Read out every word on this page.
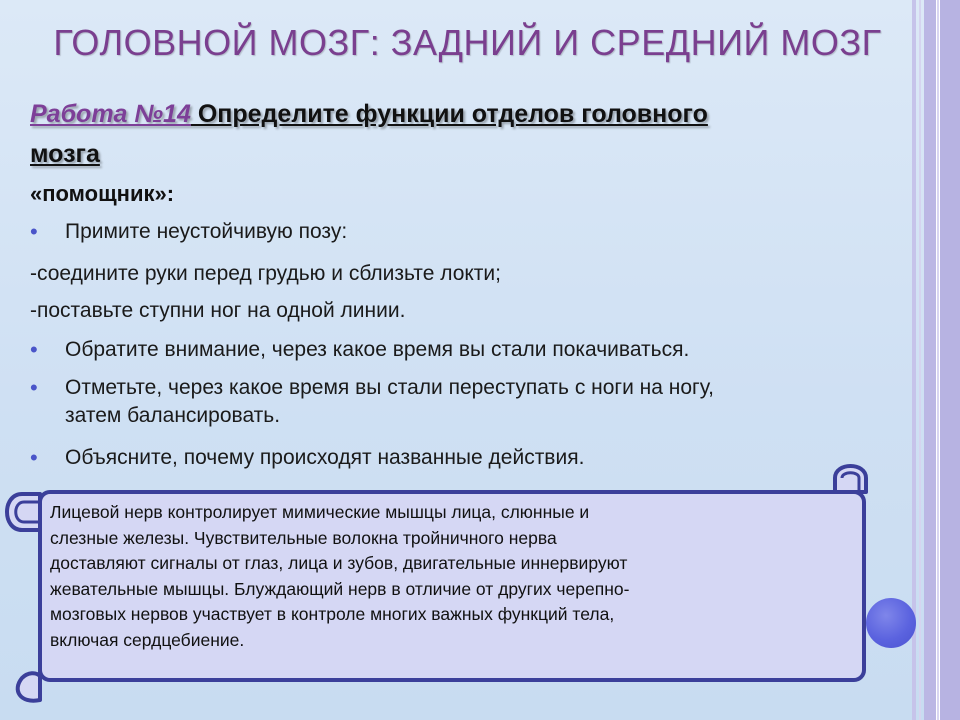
ГОЛОВНОЙ МОЗГ: ЗАДНИЙ И СРЕДНИЙ МОЗГ
Работа №14 Определите функции отделов головного
мозга
«помощник»:
• Примите неустойчивую позу:
-соедините руки перед грудью и сблизьте локти;
-поставьте ступни ног на одной линии.
• Обратите внимание, через какое время вы стали покачиваться.
• Отметьте, через какое время вы стали переступать с ноги на ногу,
затем балансировать.
• Объясните, почему происходят названные действия.
Лицевой нерв контролирует мимические мышцы лица, слюнные и
слезные железы. Чувствительные волокна тройничного нерва
доставляют сигналы от глаз, лица и зубов, двигательные иннервируют
жевательные мышцы. Блуждающий нерв в отличие от других черепно-
мозговых нервов участвует в контроле многих важных функций тела,
включая сердцебиение.
